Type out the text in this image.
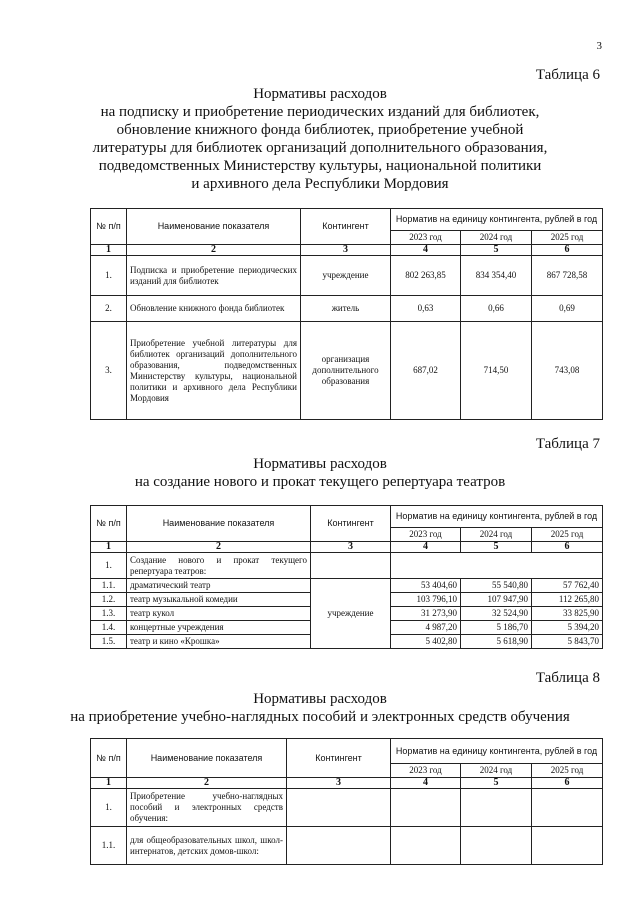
3
Таблица 6
Нормативы расходов
на подписку и приобретение периодических изданий для библиотек,
обновление книжного фонда библиотек, приобретение учебной
литературы для библиотек организаций дополнительного образования,
подведомственных Министерству культуры, национальной политики
и архивного дела Республики Мордовия
№ п/п	Наименование показателя	Контингент	Норматив на единицу контингента, рублей в год		
			2023 год	2024 год	2025 год
1	2	3	4	5	6
1.	Подписка и приобретение периодических изданий для библиотек	учреждение	802 263,85	834 354,40	867 728,58
2.	Обновление книжного фонда библиотек	житель	0,63	0,66	0,69
3.	Приобретение учебной литературы для библиотек организаций дополнительного образования, подведомственных Министерству культуры, национальной политики и архивного дела Республики Мордовия	организация дополнительного образования	687,02	714,50	743,08
Таблица 7
Нормативы расходов
на создание нового и прокат текущего репертуара театров
№ п/п	Наименование показателя	Контингент	Норматив на единицу контингента, рублей в год		
			2023 год	2024 год	2025 год
1	2	3	4	5	6
1.	Создание нового и прокат текущего репертуара театров:				
1.1.	драматический театр	учреждение	53 404,60	55 540,80	57 762,40
1.2.	театр музыкальной комедии		103 796,10	107 947,90	112 265,80
1.3.	театр кукол		31 273,90	32 524,90	33 825,90
1.4.	концертные учреждения		4 987,20	5 186,70	5 394,20
1.5.	театр и кино «Крошка»		5 402,80	5 618,90	5 843,70
Таблица 8
Нормативы расходов
на приобретение учебно-наглядных пособий и электронных средств обучения
№ п/п	Наименование показателя	Контингент	Норматив на единицу контингента, рублей в год		
			2023 год	2024 год	2025 год
1	2	3	4	5	6
1.	Приобретение учебно-наглядных пособий и электронных средств обучения:				
1.1.	для общеобразовательных школ, школ-интернатов, детских домов-школ:				
